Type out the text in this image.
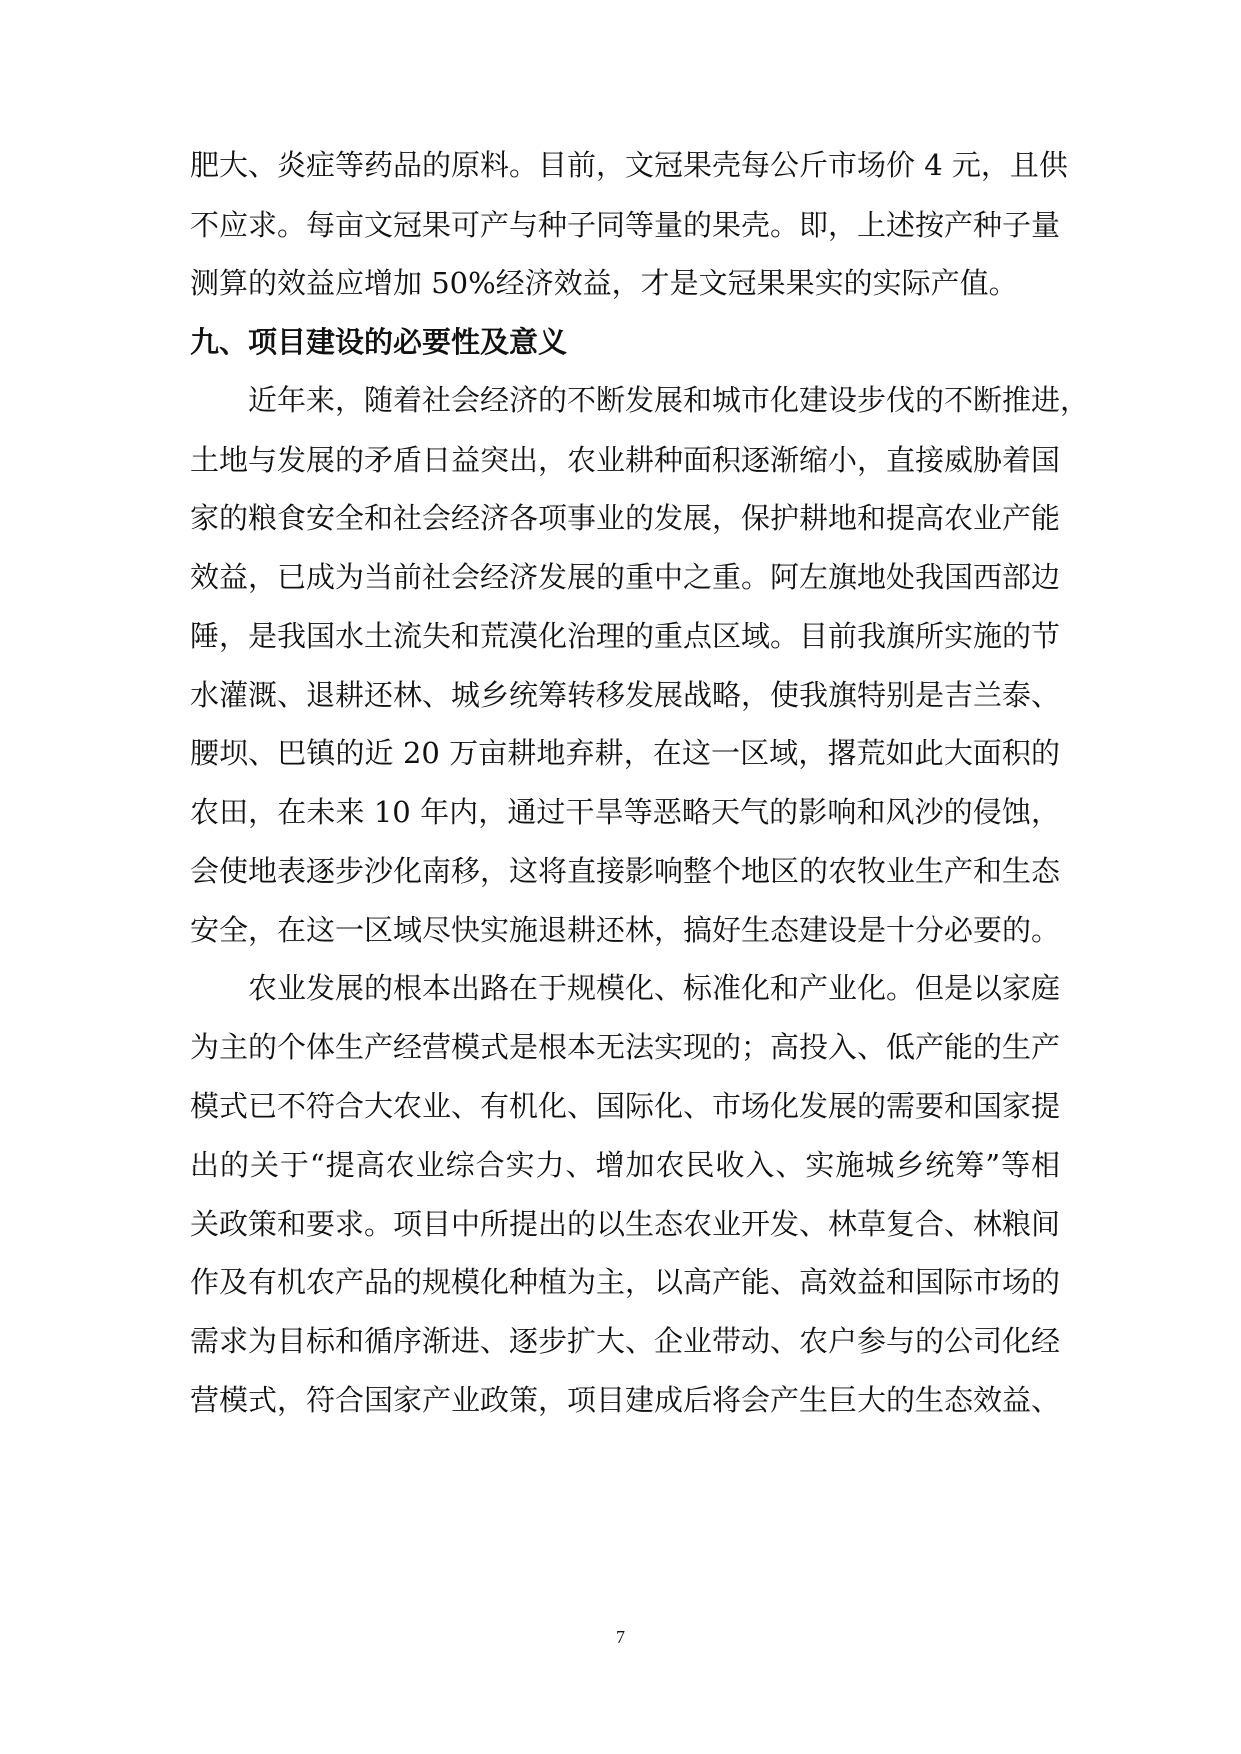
肥大、炎症等药品的原料。目前，文冠果壳每公斤市场价 4 元，且供
不应求。每亩文冠果可产与种子同等量的果壳。即，上述按产种子量
测算的效益应增加 50%经济效益，才是文冠果果实的实际产值。
九、项目建设的必要性及意义
近年来，随着社会经济的不断发展和城市化建设步伐的不断推进，
土地与发展的矛盾日益突出，农业耕种面积逐渐缩小，直接威胁着国
家的粮食安全和社会经济各项事业的发展，保护耕地和提高农业产能
效益，已成为当前社会经济发展的重中之重。阿左旗地处我国西部边
陲，是我国水土流失和荒漠化治理的重点区域。目前我旗所实施的节
水灌溉、退耕还林、城乡统筹转移发展战略，使我旗特别是吉兰泰、
腰坝、巴镇的近 20 万亩耕地弃耕，在这一区域，撂荒如此大面积的
农田，在未来 10 年内，通过干旱等恶略天气的影响和风沙的侵蚀，
会使地表逐步沙化南移，这将直接影响整个地区的农牧业生产和生态
安全，在这一区域尽快实施退耕还林，搞好生态建设是十分必要的。
农业发展的根本出路在于规模化、标准化和产业化。但是以家庭
为主的个体生产经营模式是根本无法实现的；高投入、低产能的生产
模式已不符合大农业、有机化、国际化、市场化发展的需要和国家提
出的关于“提高农业综合实力、增加农民收入、实施城乡统筹”等相
关政策和要求。项目中所提出的以生态农业开发、林草复合、林粮间
作及有机农产品的规模化种植为主，以高产能、高效益和国际市场的
需求为目标和循序渐进、逐步扩大、企业带动、农户参与的公司化经
营模式，符合国家产业政策，项目建成后将会产生巨大的生态效益、
7
